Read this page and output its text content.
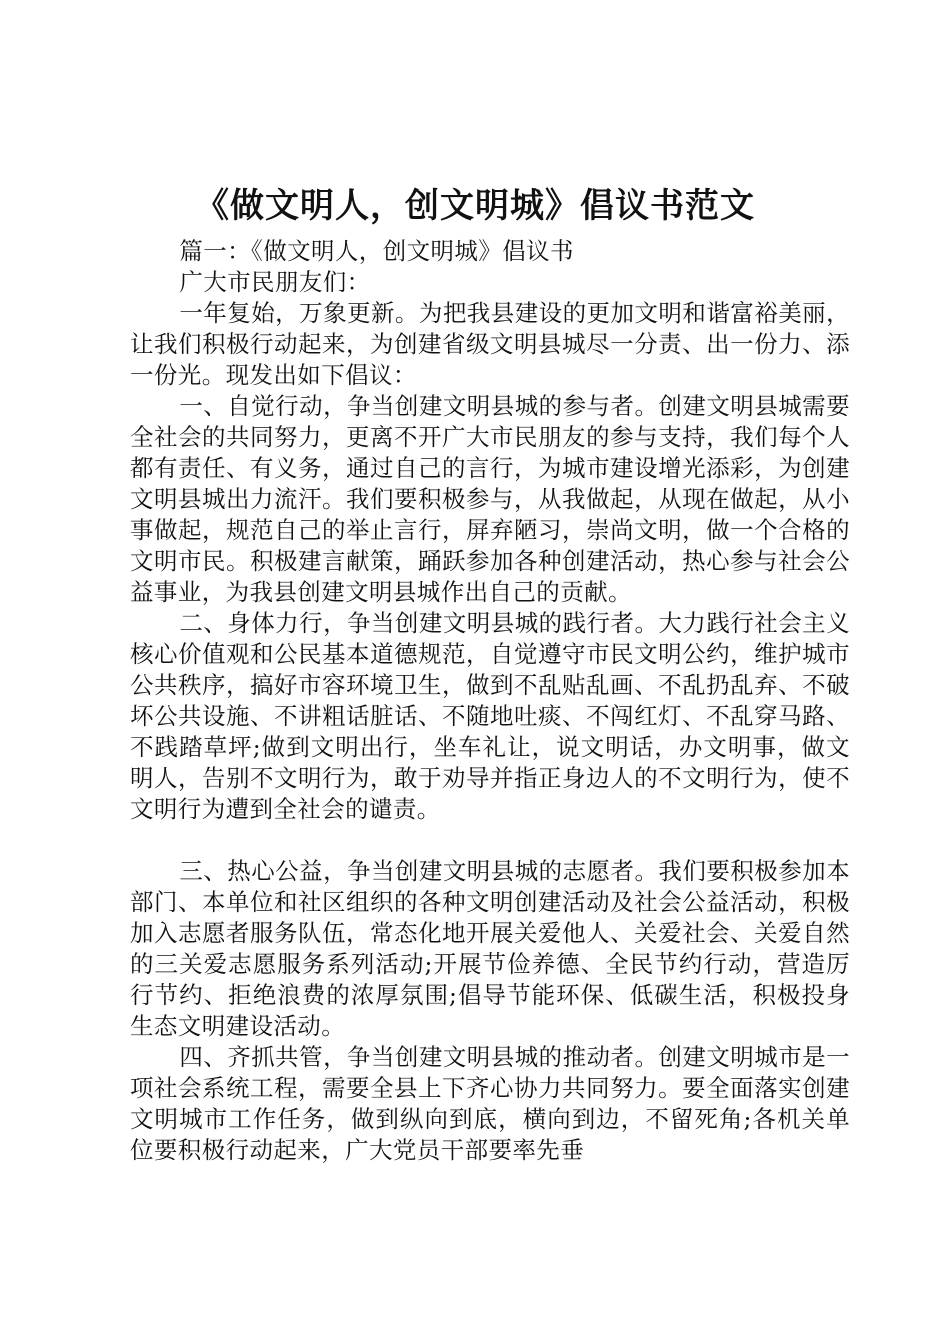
《做文明人，创文明城》倡议书范文

篇一：《做文明人，创文明城》倡议书

广大市民朋友们：

一年复始，万象更新。为把我县建设的更加文明和谐富裕美丽，让我们积极行动起来，为创建省级文明县城尽一分责、出一份力、添一份光。现发出如下倡议：

一、自觉行动，争当创建文明县城的参与者。创建文明县城需要全社会的共同努力，更离不开广大市民朋友的参与支持，我们每个人都有责任、有义务，通过自己的言行，为城市建设增光添彩，为创建文明县城出力流汗。我们要积极参与，从我做起，从现在做起，从小事做起，规范自己的举止言行，屏弃陋习，崇尚文明，做一个合格的文明市民。积极建言献策，踊跃参加各种创建活动，热心参与社会公益事业，为我县创建文明县城作出自己的贡献。

二、身体力行，争当创建文明县城的践行者。大力践行社会主义核心价值观和公民基本道德规范，自觉遵守市民文明公约，维护城市公共秩序，搞好市容环境卫生，做到不乱贴乱画、不乱扔乱弃、不破坏公共设施、不讲粗话脏话、不随地吐痰、不闯红灯、不乱穿马路、不践踏草坪;做到文明出行，坐车礼让，说文明话，办文明事，做文明人，告别不文明行为，敢于劝导并指正身边人的不文明行为，使不文明行为遭到全社会的谴责。

三、热心公益，争当创建文明县城的志愿者。我们要积极参加本部门、本单位和社区组织的各种文明创建活动及社会公益活动，积极加入志愿者服务队伍，常态化地开展关爱他人、关爱社会、关爱自然的三关爱志愿服务系列活动;开展节俭养德、全民节约行动，营造厉行节约、拒绝浪费的浓厚氛围;倡导节能环保、低碳生活，积极投身生态文明建设活动。

四、齐抓共管，争当创建文明县城的推动者。创建文明城市是一项社会系统工程，需要全县上下齐心协力共同努力。要全面落实创建文明城市工作任务，做到纵向到底，横向到边，不留死角;各机关单位要积极行动起来，广大党员干部要率先垂
